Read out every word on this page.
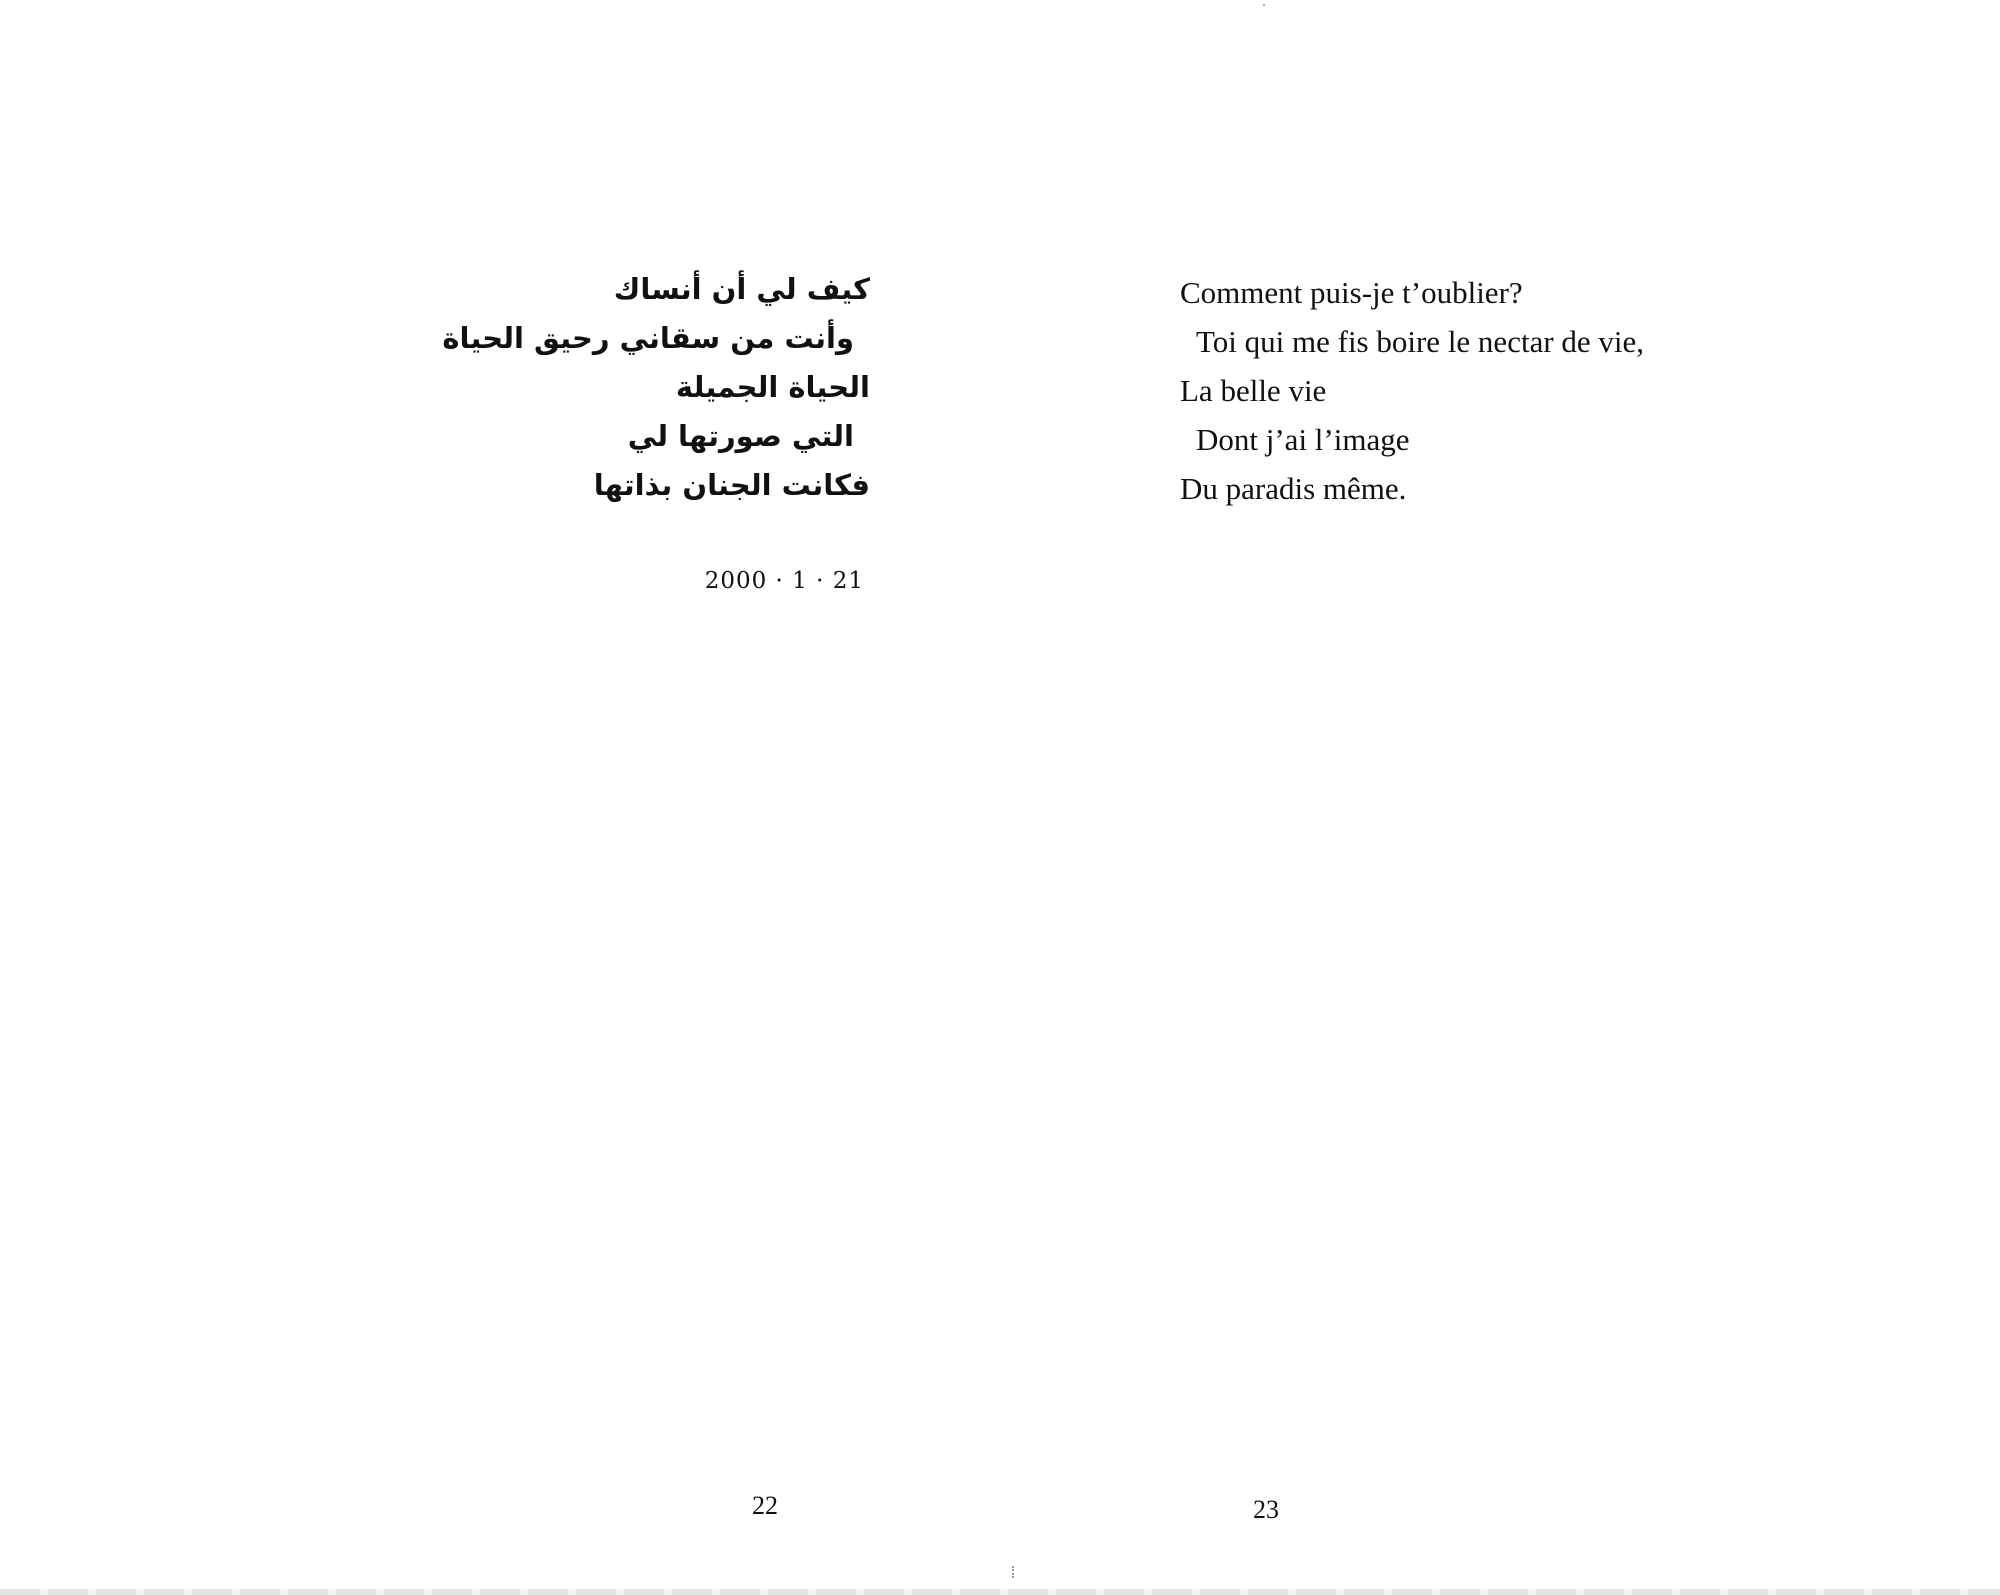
كيف لي أن أنساك
وأنت من سقاني رحيق الحياة
الحياة الجميلة
التي صورتها لي
فكانت الجنان بذاتها
2000 · 1 · 21
22
Comment puis-je t’oublier?
Toi qui me fis boire le nectar de vie,
La belle vie
Dont j’ai l’image
Du paradis même.
23
